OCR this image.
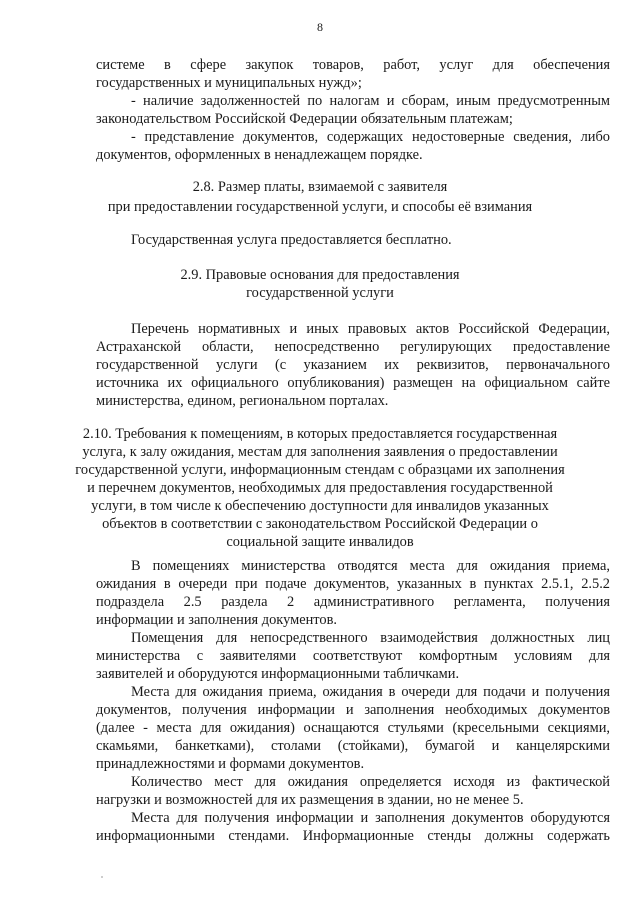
8
системе в сфере закупок товаров, работ, услуг для обеспечения
государственных и муниципальных нужд»;
- наличие задолженностей по налогам и сборам, иным предусмотренным
законодательством Российской Федерации обязательным платежам;
- представление документов, содержащих недостоверные сведения, либо
документов, оформленных в ненадлежащем порядке.
2.8. Размер платы, взимаемой с заявителя
при предоставлении государственной услуги, и способы её взимания
Государственная услуга предоставляется бесплатно.
2.9. Правовые основания для предоставления
государственной услуги
Перечень нормативных и иных правовых актов Российской Федерации,
Астраханской области, непосредственно регулирующих предоставление
государственной услуги (с указанием их реквизитов, первоначального
источника их официального опубликования) размещен на официальном сайте
министерства, едином, региональном порталах.
2.10. Требования к помещениям, в которых предоставляется государственная
услуга, к залу ожидания, местам для заполнения заявления о предоставлении
государственной услуги, информационным стендам с образцами их заполнения
и перечнем документов, необходимых для предоставления государственной
услуги, в том числе к обеспечению доступности для инвалидов указанных
объектов в соответствии с законодательством Российской Федерации о
социальной защите инвалидов
В помещениях министерства отводятся места для ожидания приема,
ожидания в очереди при подаче документов, указанных в пунктах 2.5.1, 2.5.2
подраздела 2.5 раздела 2 административного регламента, получения
информации и заполнения документов.
Помещения для непосредственного взаимодействия должностных лиц
министерства с заявителями соответствуют комфортным условиям для
заявителей и оборудуются информационными табличками.
Места для ожидания приема, ожидания в очереди для подачи и получения
документов, получения информации и заполнения необходимых документов
(далее - места для ожидания) оснащаются стульями (кресельными секциями,
скамьями, банкетками), столами (стойками), бумагой и канцелярскими
принадлежностями и формами документов.
Количество мест для ожидания определяется исходя из фактической
нагрузки и возможностей для их размещения в здании, но не менее 5.
Места для получения информации и заполнения документов оборудуются
информационными стендами. Информационные стенды должны содержать
